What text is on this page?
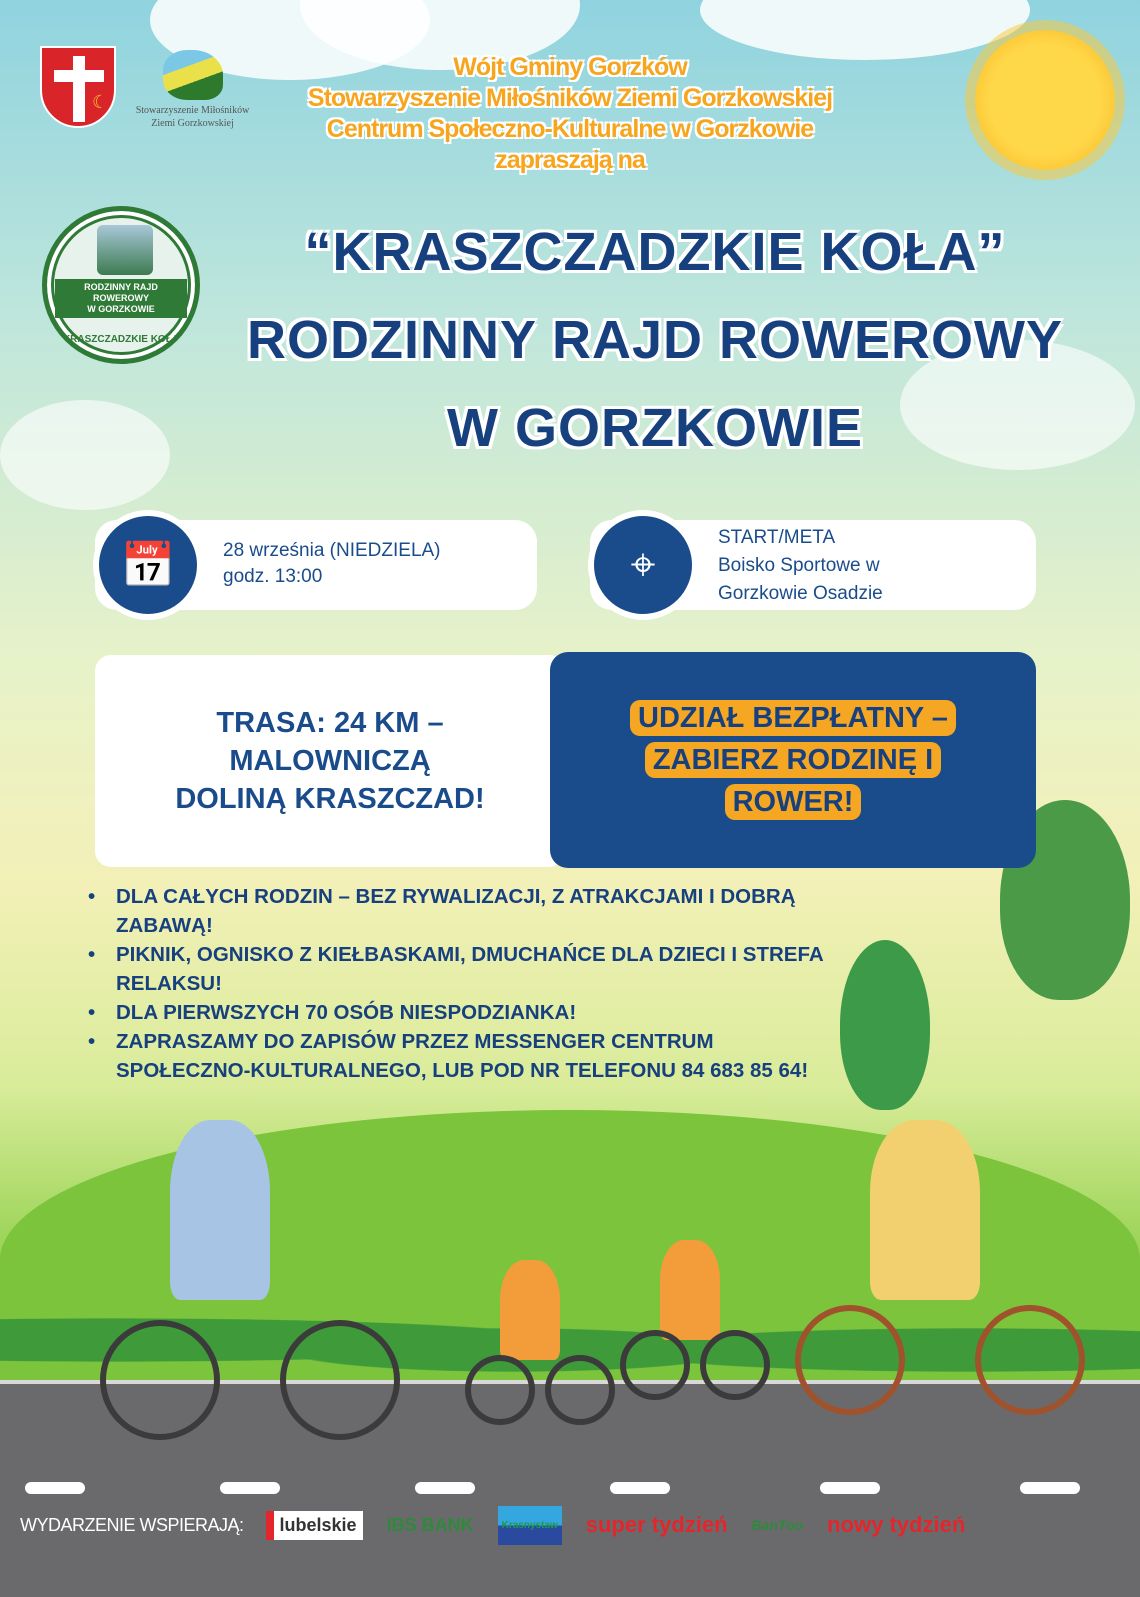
☾	Stowarzyszenie Miłośników
Ziemi Gorzkowskiej
Wójt Gminy Gorzków
Stowarzyszenie Miłośników Ziemi Gorzkowskiej
Centrum Społeczno-Kulturalne w Gorzkowie
zapraszają na
RODZINNY RAJD ROWEROWY
W GORZKOWIE
KRASZCZADZKIE KOŁA
“KRASZCZADZKIE KOŁA”
RODZINNY RAJD ROWEROWY
W GORZKOWIE
📅	28 września (NIEDZIELA)
godz. 13:00	⌖
START/META
Boisko Sportowe w
Gorzkowie Osadzie
TRASA: 24 KM –
MALOWNICZĄ
DOLINĄ KRASZCZAD!
UDZIAŁ BEZPŁATNY – ZABIERZ RODZINĘ I ROWER!
• DLA CAŁYCH RODZIN – BEZ RYWALIZACJI, Z ATRAKCJAMI I DOBRĄ ZABAWĄ!
• PIKNIK, OGNISKO Z KIEŁBASKAMI, DMUCHAŃCE DLA DZIECI I STREFA RELAKSU!
• DLA PIERWSZYCH 70 OSÓB NIESPODZIANKA!
• ZAPRASZAMY DO ZAPISÓW PRZEZ MESSENGER CENTRUM SPOŁECZNO-KULTURALNEGO, LUB POD NR TELEFONU 84 683 85 64!
WYDARZENIE WSPIERAJĄ:	lubelskie	IBS BANK	Krasnystaw super tydzień BanToo nowy tydzień
